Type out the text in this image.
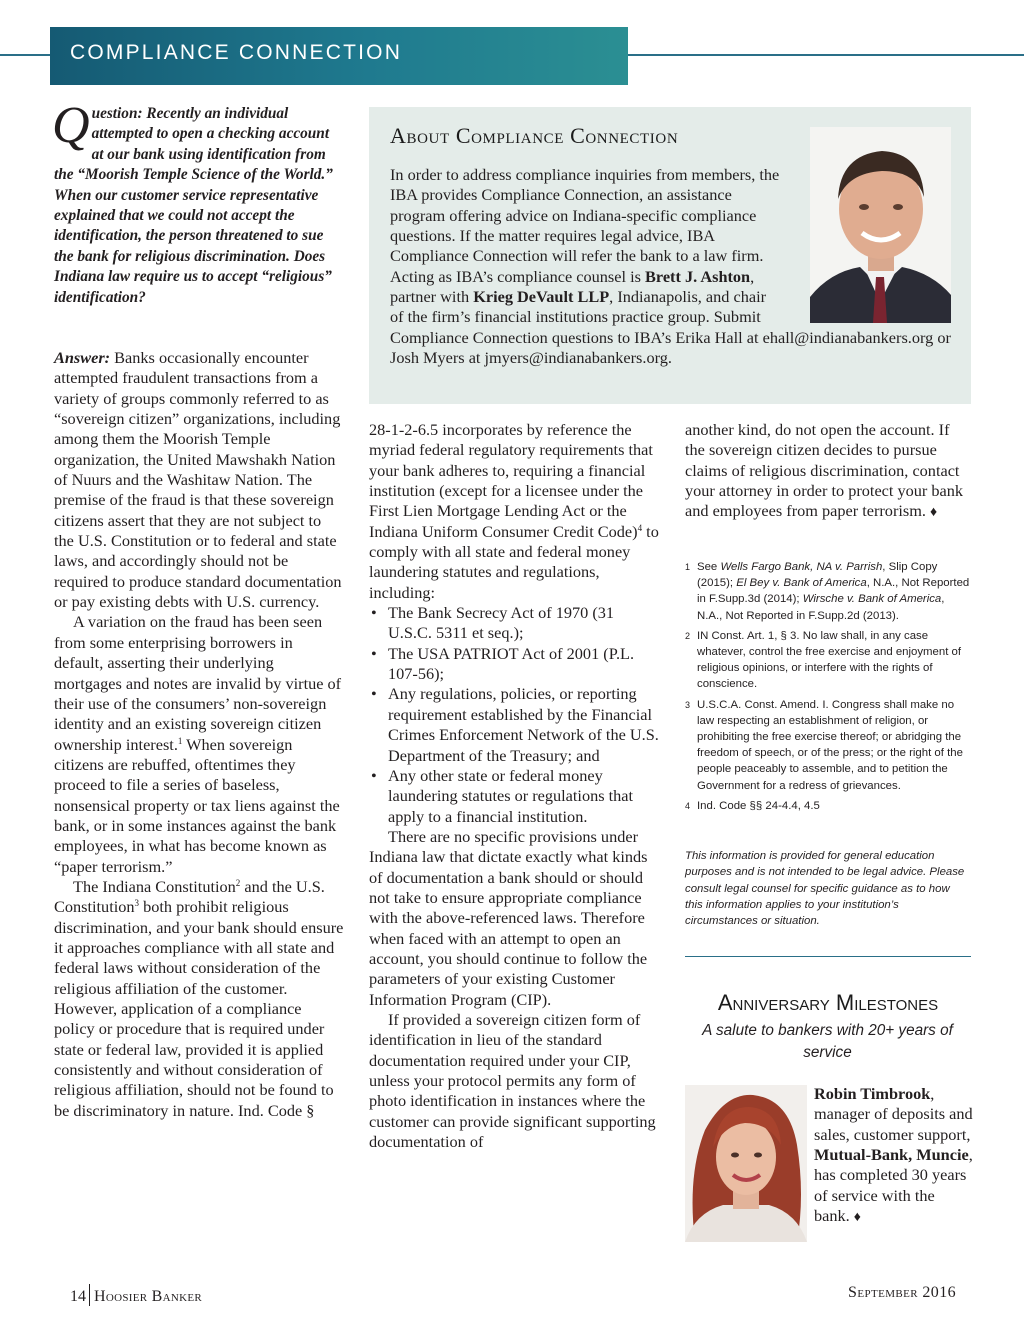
COMPLIANCE CONNECTION
Question: Recently an individual attempted to open a checking account at our bank using identification from the “Moorish Temple Science of the World.” When our customer service representative explained that we could not accept the identification, the person threatened to sue the bank for religious discrimination. Does Indiana law require us to accept “religious” identification?

Answer: Banks occasionally encounter attempted fraudulent transactions from a variety of groups commonly referred to as “sovereign citizen” organizations, including among them the Moorish Temple organization, the United Mawshakh Nation of Nuurs and the Washitaw Nation. The premise of the fraud is that these sovereign citizens assert that they are not subject to the U.S. Constitution or to federal and state laws, and accordingly should not be required to produce standard documentation or pay existing debts with U.S. currency.

A variation on the fraud has been seen from some enterprising borrowers in default, asserting their underlying mortgages and notes are invalid by virtue of their use of the consumers’ non-sovereign identity and an existing sovereign citizen ownership interest.$^1$ When sovereign citizens are rebuffed, oftentimes they proceed to file a series of baseless, nonsensical property or tax liens against the bank, or in some instances against the bank employees, in what has become known as “paper terrorism.”

The Indiana Constitution$^2$ and the U.S. Constitution$^3$ both prohibit religious discrimination, and your bank should ensure it approaches compliance with all state and federal laws without consideration of the religious affiliation of the customer. However, application of a compliance policy or procedure that is required under state or federal law, provided it is applied consistently and without consideration of religious affiliation, should not be found to be discriminatory in nature. Ind. Code §

About Compliance Connection
In order to address compliance inquiries from members, the IBA provides Compliance Connection, an assistance program offering advice on Indiana-specific compliance questions. If the matter requires legal advice, IBA Compliance Connection will refer the bank to a law firm. Acting as IBA’s compliance counsel is Brett J. Ashton, partner with Krieg DeVault LLP, Indianapolis, and chair of the firm’s financial institutions practice group. Submit Compliance Connection questions to IBA’s Erika Hall at ehall@indianabankers.org or Josh Myers at jmyers@indianabankers.org.

28-1-2-6.5 incorporates by reference the myriad federal regulatory requirements that your bank adheres to, requiring a financial institution (except for a licensee under the First Lien Mortgage Lending Act or the Indiana Uniform Consumer Credit Code)$^4$ to comply with all state and federal money laundering statutes and regulations, including:

• The Bank Secrecy Act of 1970 (31 U.S.C. 5311 et seq.);
• The USA PATRIOT Act of 2001 (P.L. 107-56);
• Any regulations, policies, or reporting requirement established by the Financial Crimes Enforcement Network of the U.S. Department of the Treasury; and
• Any other state or federal money laundering statutes or regulations that apply to a financial institution.

There are no specific provisions under Indiana law that dictate exactly what kinds of documentation a bank should or should not take to ensure appropriate compliance with the above-referenced laws. Therefore when faced with an attempt to open an account, you should continue to follow the parameters of your existing Customer Information Program (CIP).

If provided a sovereign citizen form of identification in lieu of the standard documentation required under your CIP, unless your protocol permits any form of photo identification in instances where the customer can provide significant supporting documentation of

another kind, do not open the account. If the sovereign citizen decides to pursue claims of religious discrimination, contact your attorney in order to protect your bank and employees from paper terrorism. ♦

1 See Wells Fargo Bank, NA v. Parrish, Slip Copy (2015); El Bey v. Bank of America, N.A., Not Reported in F.Supp.3d (2014); Wirsche v. Bank of America, N.A., Not Reported in F.Supp.2d (2013).
2 IN Const. Art. 1, § 3. No law shall, in any case whatever, control the free exercise and enjoyment of religious opinions, or interfere with the rights of conscience.
3 U.S.C.A. Const. Amend. I. Congress shall make no law respecting an establishment of religion, or prohibiting the free exercise thereof; or abridging the freedom of speech, or of the press; or the right of the people peaceably to assemble, and to petition the Government for a redress of grievances.
4 Ind. Code §§ 24-4.4, 4.5
This information is provided for general education purposes and is not intended to be legal advice. Please consult legal counsel for specific guidance as to how this information applies to your institution’s circumstances or situation.
Anniversary Milestones
A salute to bankers with 20+ years of service
Robin Timbrook, manager of deposits and sales, customer support, Mutual-Bank, Muncie, has completed 30 years of service with the bank. ♦
14 Hoosier Banker	September 2016
